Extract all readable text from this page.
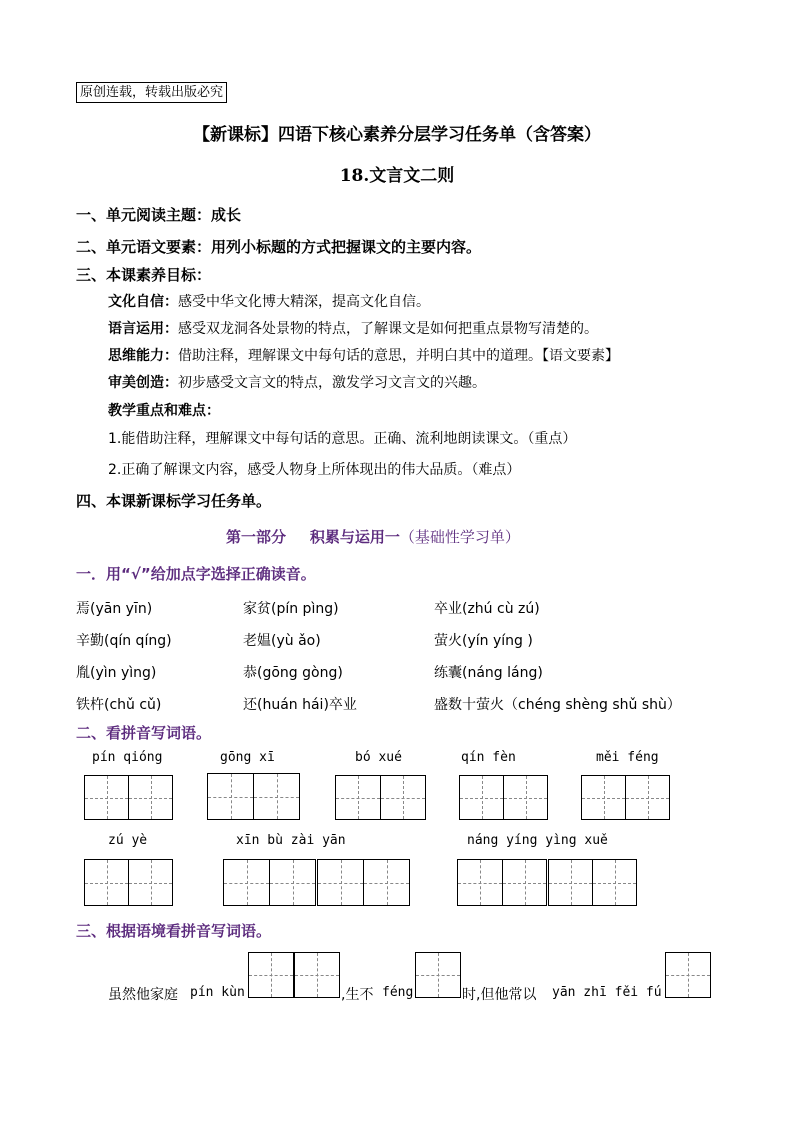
原创连载，转载出版必究
【新课标】四语下核心素养分层学习任务单（含答案）
18.文言文二则
一、单元阅读主题：成长
二、单元语文要素：用列小标题的方式把握课文的主要内容。
三、本课素养目标：
文化自信：感受中华文化博大精深，提高文化自信。
语言运用：感受双龙洞各处景物的特点，了解课文是如何把重点景物写清楚的。
思维能力：借助注释，理解课文中每句话的意思，并明白其中的道理。【语文要素】
审美创造：初步感受文言文的特点，激发学习文言文的兴趣。
教学重点和难点：
1.能借助注释，理解课文中每句话的意思。正确、流利地朗读课文。（重点）
2.正确了解课文内容，感受人物身上所体现出的伟大品质。（难点）
四、本课新课标学习任务单。
第一部分 积累与运用一（基础性学习单）
一．用“√”给加点字选择正确读音。
焉(yān yīn)	家贫(pín pìng)	卒业(zhú cù zú)
辛勤(qín qíng)	老媪(yù ǎo)	萤火(yín yíng )
胤(yìn yìng)	恭(gōng gòng)	练囊(náng láng)
铁杵(chǔ cǔ)	还(huán hái)卒业	盛数十萤火（chéng shèng shǔ shù）
二、看拼音写词语。
pín qióng	gōng xī	bó xué	qín fèn	měi féng
zú yè	xīn bù zài yān	náng yíng yìng xuě
三、根据语境看拼音写词语。
虽然他家庭 pín kùn	,生不 féng	时,但他常以 yān zhī fěi fú
